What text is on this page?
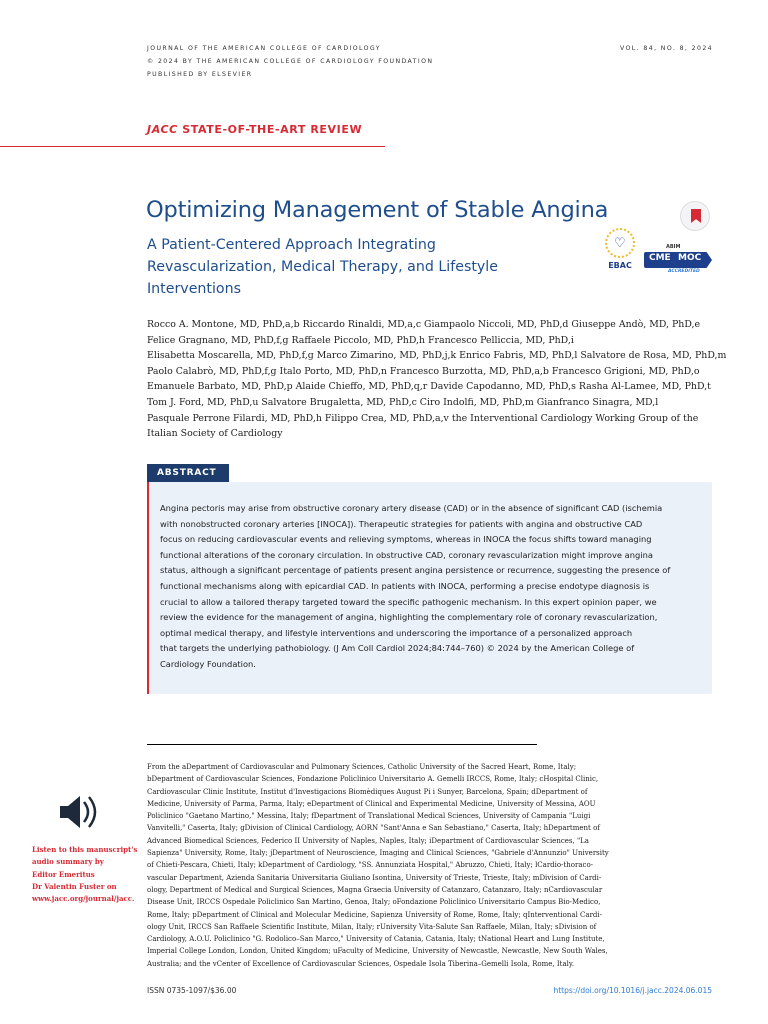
JOURNAL OF THE AMERICAN COLLEGE OF CARDIOLOGY
© 2024 BY THE AMERICAN COLLEGE OF CARDIOLOGY FOUNDATION
PUBLISHED BY ELSEVIER
VOL. 84, NO. 8, 2024
JACC STATE-OF-THE-ART REVIEW
Optimizing Management of Stable Angina
A Patient-Centered Approach Integrating Revascularization, Medical Therapy, and Lifestyle Interventions
♡
EBAC
ABIM
CME MOC
ACCREDITED
Rocco A. Montone, MD, PhD,a,b Riccardo Rinaldi, MD,a,c Giampaolo Niccoli, MD, PhD,d Giuseppe Andò, MD, PhD,e
Felice Gragnano, MD, PhD,f,g Raffaele Piccolo, MD, PhD,h Francesco Pelliccia, MD, PhD,i
Elisabetta Moscarella, MD, PhD,f,g Marco Zimarino, MD, PhD,j,k Enrico Fabris, MD, PhD,l Salvatore de Rosa, MD, PhD,m
Paolo Calabrò, MD, PhD,f,g Italo Porto, MD, PhD,n Francesco Burzotta, MD, PhD,a,b Francesco Grigioni, MD, PhD,o
Emanuele Barbato, MD, PhD,p Alaide Chieffo, MD, PhD,q,r Davide Capodanno, MD, PhD,s Rasha Al-Lamee, MD, PhD,t
Tom J. Ford, MD, PhD,u Salvatore Brugaletta, MD, PhD,c Ciro Indolfi, MD, PhD,m Gianfranco Sinagra, MD,l
Pasquale Perrone Filardi, MD, PhD,h Filippo Crea, MD, PhD,a,v the Interventional Cardiology Working Group of the
Italian Society of Cardiology
ABSTRACT
Angina pectoris may arise from obstructive coronary artery disease (CAD) or in the absence of significant CAD (ischemia
with nonobstructed coronary arteries [INOCA]). Therapeutic strategies for patients with angina and obstructive CAD
focus on reducing cardiovascular events and relieving symptoms, whereas in INOCA the focus shifts toward managing
functional alterations of the coronary circulation. In obstructive CAD, coronary revascularization might improve angina
status, although a significant percentage of patients present angina persistence or recurrence, suggesting the presence of
functional mechanisms along with epicardial CAD. In patients with INOCA, performing a precise endotype diagnosis is
crucial to allow a tailored therapy targeted toward the specific pathogenic mechanism. In this expert opinion paper, we
review the evidence for the management of angina, highlighting the complementary role of coronary revascularization,
optimal medical therapy, and lifestyle interventions and underscoring the importance of a personalized approach
that targets the underlying pathobiology. (J Am Coll Cardiol 2024;84:744–760) © 2024 by the American College of
Cardiology Foundation.
From the aDepartment of Cardiovascular and Pulmonary Sciences, Catholic University of the Sacred Heart, Rome, Italy;
bDepartment of Cardiovascular Sciences, Fondazione Policlinico Universitario A. Gemelli IRCCS, Rome, Italy; cHospital Clinic,
Cardiovascular Clinic Institute, Institut d'Investigacions Biomèdiques August Pi i Sunyer, Barcelona, Spain; dDepartment of
Medicine, University of Parma, Parma, Italy; eDepartment of Clinical and Experimental Medicine, University of Messina, AOU
Policlinico "Gaetano Martino," Messina, Italy; fDepartment of Translational Medical Sciences, University of Campania "Luigi
Vanvitelli," Caserta, Italy; gDivision of Clinical Cardiology, AORN "Sant'Anna e San Sebastiano," Caserta, Italy; hDepartment of
Advanced Biomedical Sciences, Federico II University of Naples, Naples, Italy; iDepartment of Cardiovascular Sciences, "La
Sapienza" University, Rome, Italy; jDepartment of Neuroscience, Imaging and Clinical Sciences, "Gabriele d'Annunzio" University
of Chieti-Pescara, Chieti, Italy; kDepartment of Cardiology, "SS. Annunziata Hospital," Abruzzo, Chieti, Italy; lCardio-thoraco-
vascular Department, Azienda Sanitaria Universitaria Giuliano Isontina, University of Trieste, Trieste, Italy; mDivision of Cardi-
ology, Department of Medical and Surgical Sciences, Magna Graecia University of Catanzaro, Catanzaro, Italy; nCardiovascular
Disease Unit, IRCCS Ospedale Policlinico San Martino, Genoa, Italy; oFondazione Policlinico Universitario Campus Bio-Medico,
Rome, Italy; pDepartment of Clinical and Molecular Medicine, Sapienza University of Rome, Rome, Italy; qInterventional Cardi-
ology Unit, IRCCS San Raffaele Scientific Institute, Milan, Italy; rUniversity Vita-Salute San Raffaele, Milan, Italy; sDivision of
Cardiology, A.O.U. Policlinico "G. Rodolico–San Marco," University of Catania, Catania, Italy; tNational Heart and Lung Institute,
Imperial College London, London, United Kingdom; uFaculty of Medicine, University of Newcastle, Newcastle, New South Wales,
Australia; and the vCenter of Excellence of Cardiovascular Sciences, Ospedale Isola Tiberina–Gemelli Isola, Rome, Italy.
Listen to this manuscript's
audio summary by
Editor Emeritus
Dr Valentin Fuster on
www.jacc.org/journal/jacc.
ISSN 0735-1097/$36.00	https://doi.org/10.1016/j.jacc.2024.06.015
